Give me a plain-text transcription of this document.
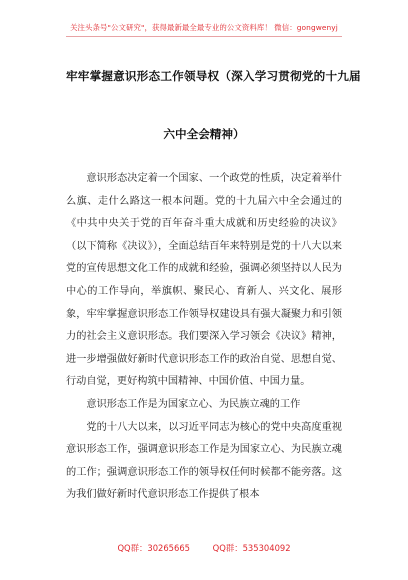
关注头条号"公文研究"，获得最新最全最专业的公文资料库！ 微信：gongwenyj
牢牢掌握意识形态工作领导权（深入学习贯彻党的十九届
六中全会精神）

意识形态决定着一个国家、一个政党的性质，决定着举什么旗、走什么路这一根本问题。党的十九届六中全会通过的《中共中央关于党的百年奋斗重大成就和历史经验的决议》（以下简称《决议》），全面总结百年来特别是党的十八大以来党的宣传思想文化工作的成就和经验，强调必须坚持以人民为中心的工作导向，举旗帜、聚民心、育新人、兴文化、展形象，牢牢掌握意识形态工作领导权建设具有强大凝聚力和引领力的社会主义意识形态。我们要深入学习领会《决议》精神，进一步增强做好新时代意识形态工作的政治自觉、思想自觉、行动自觉，更好构筑中国精神、中国价值、中国力量。

意识形态工作是为国家立心、为民族立魂的工作

党的十八大以来，以习近平同志为核心的党中央高度重视意识形态工作，强调意识形态工作是为国家立心、为民族立魂的工作；强调意识形态工作的领导权任何时候都不能旁落。这为我们做好新时代意识形态工作提供了根本

QQ群：30265665	QQ群：535304092
